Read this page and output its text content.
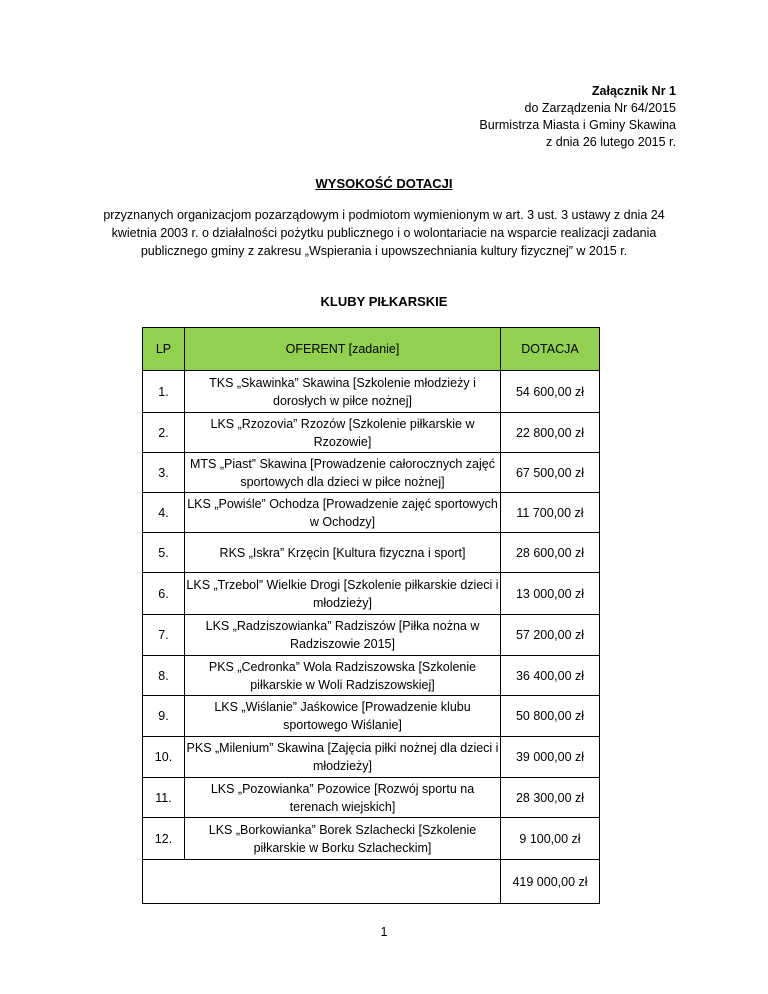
Załącznik Nr 1
do Zarządzenia Nr 64/2015
Burmistrza Miasta i Gminy Skawina
z dnia 26 lutego 2015 r.
WYSOKOŚĆ DOTACJI
przyznanych organizacjom pozarządowym i podmiotom wymienionym w art. 3 ust. 3 ustawy z dnia 24 kwietnia 2003 r. o działalności pożytku publicznego i o wolontariacie na wsparcie realizacji zadania publicznego gminy z zakresu „Wspierania i upowszechniania kultury fizycznej” w 2015 r.
KLUBY PIŁKARSKIE
LP	OFERENT [zadanie]	DOTACJA
1.	TKS „Skawinka” Skawina [Szkolenie młodzieży i dorosłych w piłce nożnej]	54 600,00 zł
2.	LKS „Rzozovia” Rzozów [Szkolenie piłkarskie w Rzozowie]	22 800,00 zł
3.	MTS „Piast” Skawina [Prowadzenie całorocznych zajęć sportowych dla dzieci w piłce nożnej]	67 500,00 zł
4.	LKS „Powiśle” Ochodza [Prowadzenie zajęć sportowych w Ochodzy]	11 700,00 zł
5.	RKS „Iskra” Krzęcin [Kultura fizyczna i sport]	28 600,00 zł
6.	LKS „Trzebol” Wielkie Drogi [Szkolenie piłkarskie dzieci i młodzieży]	13 000,00 zł
7.	LKS „Radziszowianka” Radziszów [Piłka nożna w Radziszowie 2015]	57 200,00 zł
8.	PKS „Cedronka” Wola Radziszowska [Szkolenie piłkarskie w Woli Radziszowskiej]	36 400,00 zł
9.	LKS „Wiślanie” Jaśkowice [Prowadzenie klubu sportowego Wiślanie]	50 800,00 zł
10.	PKS „Milenium” Skawina [Zajęcia piłki nożnej dla dzieci i młodzieży]	39 000,00 zł
11.	LKS „Pozowianka” Pozowice [Rozwój sportu na terenach wiejskich]	28 300,00 zł
12.	LKS „Borkowianka” Borek Szlachecki [Szkolenie piłkarskie w Borku Szlacheckim]	9 100,00 zł
		419 000,00 zł
1
